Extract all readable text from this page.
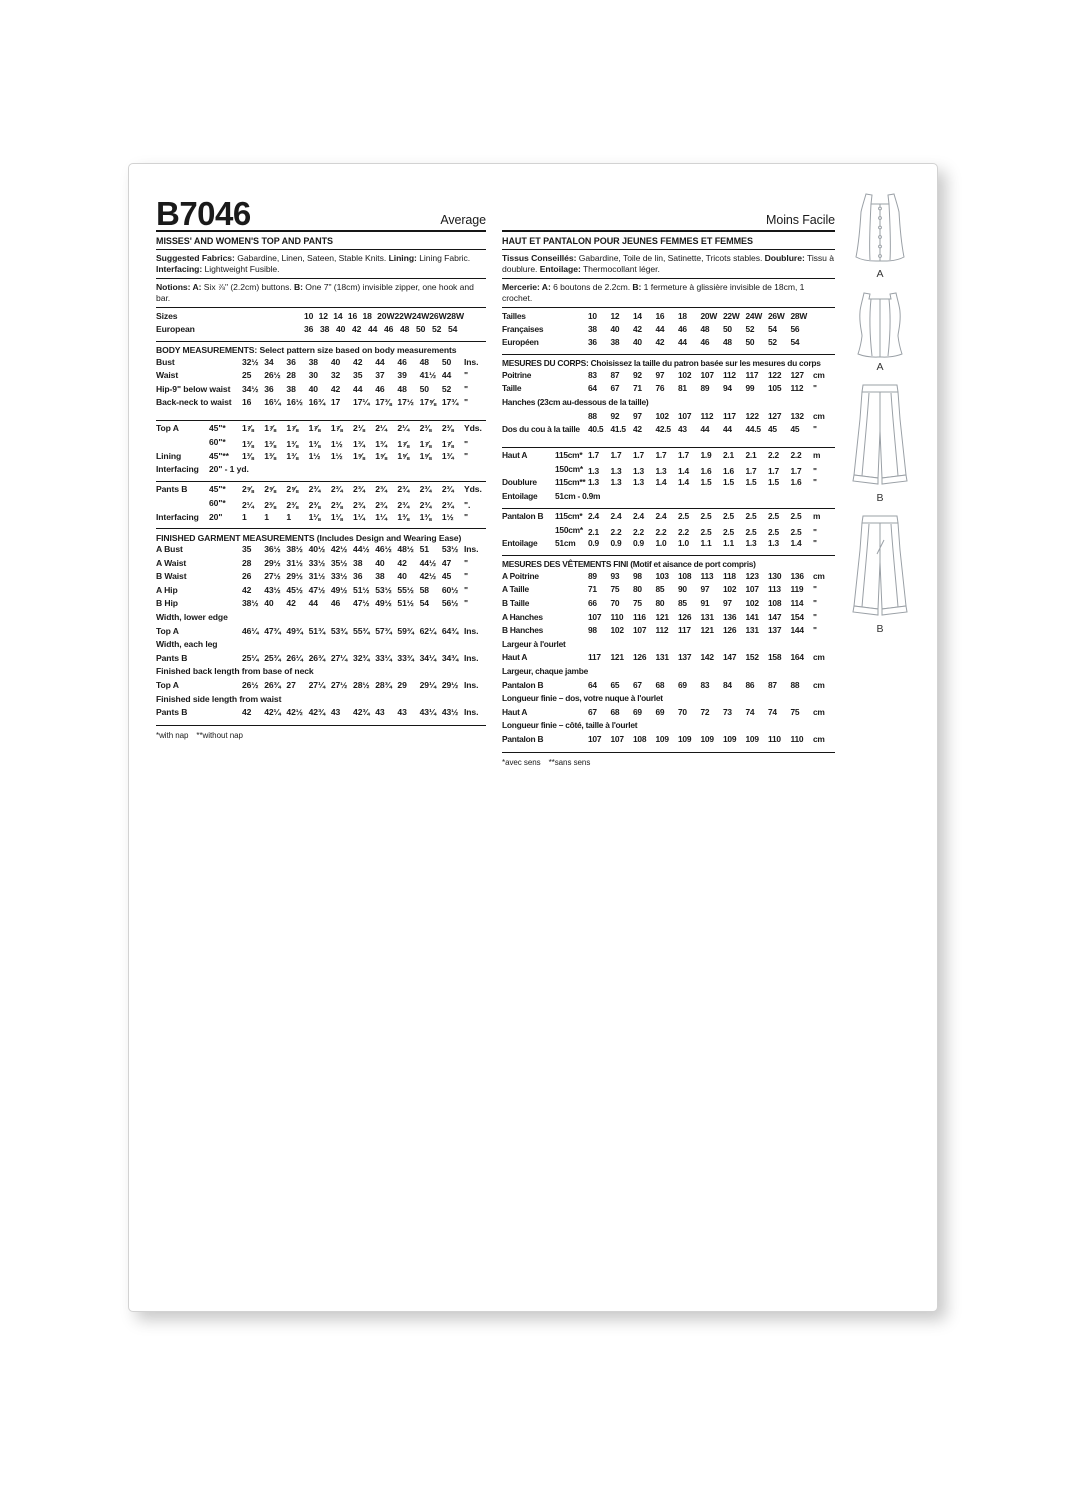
B7046	Average
MISSES' AND WOMEN'S TOP AND PANTS

Suggested Fabrics: Gabardine, Linen, Sateen, Stable Knits. Lining: Lining Fabric. Interfacing: Lightweight Fusible.

Notions: A: Six ⅞" (2.2cm) buttons. B: One 7" (18cm) invisible zipper, one hook and bar.

Sizes	10 12 14 16 18 20W 22W 24W 26W 28W
European	36 38 40 42 44 46 48 50 52 54
BODY MEASUREMENTS: Select pattern size based on body measurements
Bust	32½ 34	36	38	40	42	44	46	48	50	Ins.
Waist	25	26½ 28	30	32	35	37	39	41½ 44	"
Hip-9" below waist	34½ 36	38	40	42	44	46	48	50	52	"
Back-neck to waist	16	16¼ 16½ 16¾ 17	17¼ 17⅜ 17½ 17⅝ 17¾ "
Top A	45"*	1⅞	1⅞	1⅞	1⅞	1⅞	2⅛	2¼	2¼	2⅜	2⅜	Yds.
60"*	1⅜	1⅜	1⅜	1⅜	1½	1¾	1¾	1⅞	1⅞	1⅞	"
Lining	45"**	1⅜	1⅜	1⅜	1½	1½	1⅝	1⅝	1⅝	1⅝	1¾	"
Interfacing	20" - 1 yd.
Pants B	45"*	2⅝	2⅝	2⅝	2¾	2¾	2¾	2¾	2¾	2¾	2¾	Yds.
60"*	2¼	2⅜	2⅜	2⅜	2⅜	2¾	2¾	2¾	2¾	2¾	".
Interfacing	20"	1	1	1	1⅛	1⅛	1¼	1¼	1⅜	1⅜	1½	"
FINISHED GARMENT MEASUREMENTS (Includes Design and Wearing Ease)
A Bust	35	36½ 38½ 40½ 42½ 44½ 46½ 48½ 51	53½ Ins.
A Waist	28	29½ 31½ 33½ 35½ 38	40	42	44½ 47	"
B Waist	26	27½ 29½ 31½ 33½ 36	38	40	42½ 45	"
A Hip	42	43½ 45½ 47½ 49½ 51½ 53½ 55½ 58	60½ "
B Hip	38½ 40	42	44	46	47½ 49½ 51½ 54	56½ "
Width, lower edge
Top A	46¼ 47¾ 49¾ 51¾ 53¾ 55¾ 57¾ 59¾ 62¼ 64¾ Ins.
Width, each leg
Pants B	25¼ 25¾ 26¼ 26¾ 27¼ 32¾ 33¼ 33¾ 34¼ 34¾ Ins.
Finished back length from base of neck
Top A	26½ 26¾ 27	27¼ 27½ 28½ 28¾ 29	29¼ 29½ Ins.
Finished side length from waist
Pants B	42	42¼ 42½ 42¾ 43	42¾ 43	43	43¼ 43½ Ins.
*with nap **without nap
Moins Facile
HAUT ET PANTALON POUR JEUNES FEMMES ET FEMMES

Tissus Conseillés: Gabardine, Toile de lin, Satinette, Tricots stables. Doublure: Tissu à doublure. Entoilage: Thermocollant léger.

Mercerie: A: 6 boutons de 2.2cm. B: 1 fermeture à glissière invisible de 18cm, 1 crochet.

Tailles	10	12	14	16	18	20W 22W 24W 26W 28W
Françaises	38	40	42	44	46	48	50	52	54	56
Européen	36	38	40	42	44	46	48	50	52	54
MESURES DU CORPS: Choisissez la taille du patron basée sur les mesures du corps
Poitrine	83	87	92	97	102	107	112	117	122	127	cm
Taille	64	67	71	76	81	89	94	99	105	112	"
Hanches (23cm au-dessous de la taille)
88	92	97	102	107	112	117	122	127	132	cm
Dos du cou à la taille 40.5 41.5 42	42.5 43	44	44	44.5 45	45	"
Haut A	115cm* 1.7	1.7	1.7	1.7	1.7	1.9	2.1	2.1	2.2	2.2	m
150cm* 1.3	1.3	1.3	1.3	1.4	1.6	1.6	1.7	1.7	1.7	"
Doublure	115cm** 1.3	1.3	1.3	1.4	1.4	1.5	1.5	1.5	1.5	1.6	"
Entoilage	51cm - 0.9m
Pantalon B	115cm* 2.4	2.4	2.4	2.4	2.5	2.5	2.5	2.5	2.5	2.5	m
150cm* 2.1	2.2	2.2	2.2	2.2	2.5	2.5	2.5	2.5	2.5	"
Entoilage	51cm	0.9	0.9	0.9	1.0	1.0	1.1	1.1	1.3	1.3	1.4	"
MESURES DES VÊTEMENTS FINI (Motif et aisance de port compris)
A Poitrine	89	93	98	103	108	113	118	123	130	136	cm
A Taille	71	75	80	85	90	97	102	107	113	119	"
B Taille	66	70	75	80	85	91	97	102	108	114	"
A Hanches	107	110	116	121	126	131	136	141	147	154	"
B Hanches	98	102	107	112	117	121	126	131	137	144	"
Largeur à l'ourlet
Haut A	117	121	126	131	137	142	147	152	158	164	cm
Largeur, chaque jambe
Pantalon B	64	65	67	68	69	83	84	86	87	88	cm
Longueur finie – dos, votre nuque à l'ourlet
Haut A	67	68	69	69	70	72	73	74	74	75	cm
Longueur finie – côté, taille à l'ourlet
Pantalon B	107	107	108	109	109	109	109	109	110	110	cm
*avec sens **sans sens
A
A
B
B
